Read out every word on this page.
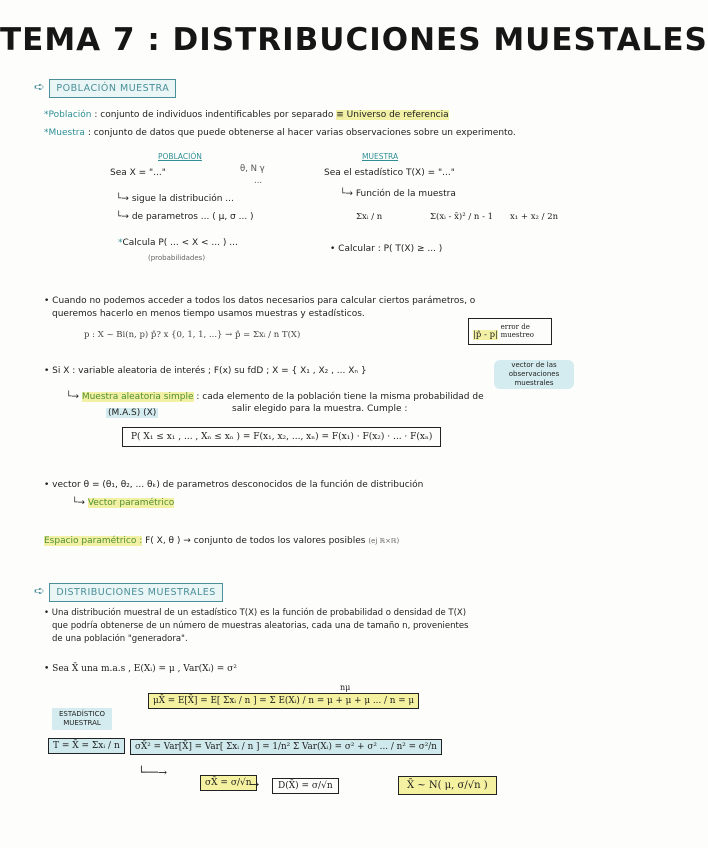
TEMA 7 : DISTRIBUCIONES MUESTALES
➪ POBLACIÓN MUESTRA
*Población : conjunto de individuos indentificables por separado ≡ Universo de referencia
*Muestra : conjunto de datos que puede obtenerse al hacer varias observaciones sobre un experimento.
POBLACIÓN	MUESTRA
Sea X = "..."	θ, N γ
...
└→ sigue la distribución ...
└→ de parametros ... ( μ, σ ... )
*Calcula P( ... < X < ... ) ...
(probabilidades)
Sea el estadístico T(X) = "..."
└→ Función de la muestra
Σxᵢ / n	Σ(xᵢ - x̄)² / n - 1 x₁ + x₂ / 2n
• Calcular : P( T(X) ≥ ... )
• Cuando no podemos acceder a todos los datos necesarios para calcular ciertos parámetros, o
queremos hacerlo en menos tiempo usamos muestras y estadísticos.
p : X ~ Bi(n, p) p̂? x {0, 1, 1, ...} → p̂ = Σxᵢ / n T(X)	|p̂ - p| error de muestreo
• Si X : variable aleatoria de interés ; F(x) su fdD ; X = { X₁ , X₂ , ... Xₙ }
vector de las observaciones muestrales
└→ Muestra aleatoria simple : cada elemento de la población tiene la misma probabilidad de
salir elegido para la muestra. Cumple :
(M.A.S) (X)
P( X₁ ≤ x₁ , ... , Xₙ ≤ xₙ ) = F(x₁, x₂, ..., xₙ) = F(x₁) · F(x₂) · ... · F(xₙ)
• vector θ = (θ₁, θ₂, ... θₖ) de parametros desconocidos de la función de distribución
└→ Vector paramétrico
Espacio paramétrico : F( X, θ ) → conjunto de todos los valores posibles (ej ℝ×ℝ)
➪ DISTRIBUCIONES MUESTRALES
• Una distribución muestral de un estadístico T(X) es la función de probabilidad o densidad de T(X)
que podría obtenerse de un número de muestras aleatorias, cada una de tamaño n, provenientes
de una población "generadora".
• Sea X̄ una m.a.s , E(Xᵢ) = μ , Var(Xᵢ) = σ²
ESTADÍSTICO MUESTRAL
T = X̄ = Σxᵢ / n
nμ
μX̄ = E[X̄] = E[ Σxᵢ / n ] = Σ E(Xᵢ) / n = μ + μ + μ ... / n = μ
σX̄² = Var[X̄] = Var[ Σxᵢ / n ] = 1/n² Σ Var(Xᵢ) = σ² + σ² ... / n² = σ²/n
└──→
σX̄ = σ/√n
→	D(X̄) = σ/√n	X̄ ~ N( μ, σ/√n )
